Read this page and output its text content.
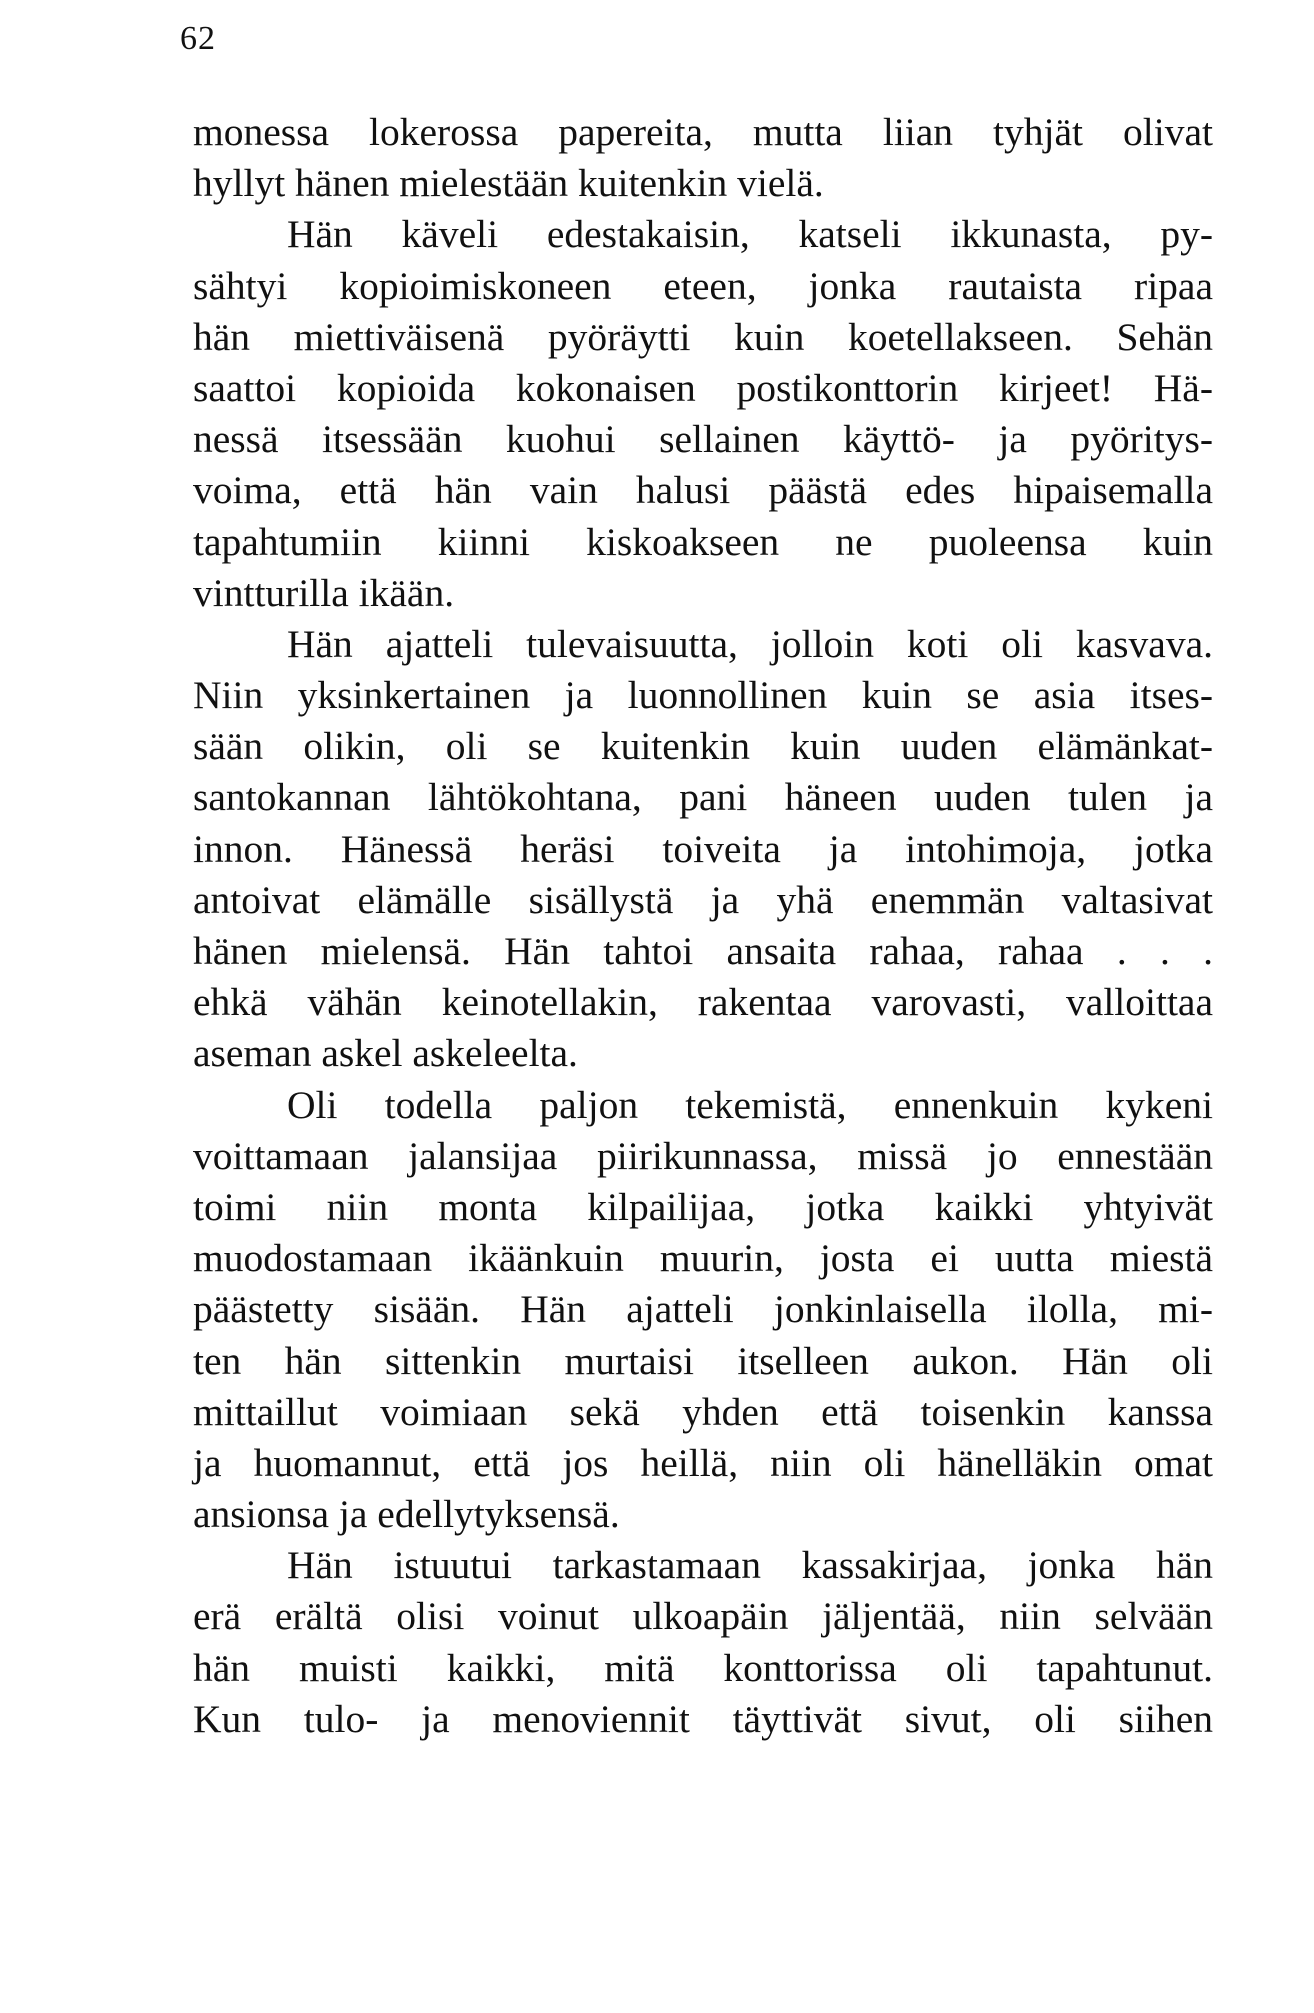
62
monessa lokerossa papereita, mutta liian tyhjät olivat
hyllyt hänen mielestään kuitenkin vielä.
Hän käveli edestakaisin, katseli ikkunasta, py-
sähtyi kopioimiskoneen eteen, jonka rautaista ripaa
hän miettiväisenä pyöräytti kuin koetellakseen. Sehän
saattoi kopioida kokonaisen postikonttorin kirjeet! Hä-
nessä itsessään kuohui sellainen käyttö- ja pyöritys-
voima, että hän vain halusi päästä edes hipaisemalla
tapahtumiin kiinni kiskoakseen ne puoleensa kuin
vintturilla ikään.
Hän ajatteli tulevaisuutta, jolloin koti oli kasvava.
Niin yksinkertainen ja luonnollinen kuin se asia itses-
sään olikin, oli se kuitenkin kuin uuden elämänkat-
santokannan lähtökohtana, pani häneen uuden tulen ja
innon. Hänessä heräsi toiveita ja intohimoja, jotka
antoivat elämälle sisällystä ja yhä enemmän valtasivat
hänen mielensä. Hän tahtoi ansaita rahaa, rahaa . . .
ehkä vähän keinotellakin, rakentaa varovasti, valloittaa
aseman askel askeleelta.
Oli todella paljon tekemistä, ennenkuin kykeni
voittamaan jalansijaa piirikunnassa, missä jo ennestään
toimi niin monta kilpailijaa, jotka kaikki yhtyivät
muodostamaan ikäänkuin muurin, josta ei uutta miestä
päästetty sisään. Hän ajatteli jonkinlaisella ilolla, mi-
ten hän sittenkin murtaisi itselleen aukon. Hän oli
mittaillut voimiaan sekä yhden että toisenkin kanssa
ja huomannut, että jos heillä, niin oli hänelläkin omat
ansionsa ja edellytyksensä.
Hän istuutui tarkastamaan kassakirjaa, jonka hän
erä erältä olisi voinut ulkoapäin jäljentää, niin selvään
hän muisti kaikki, mitä konttorissa oli tapahtunut.
Kun tulo- ja menoviennit täyttivät sivut, oli siihen
